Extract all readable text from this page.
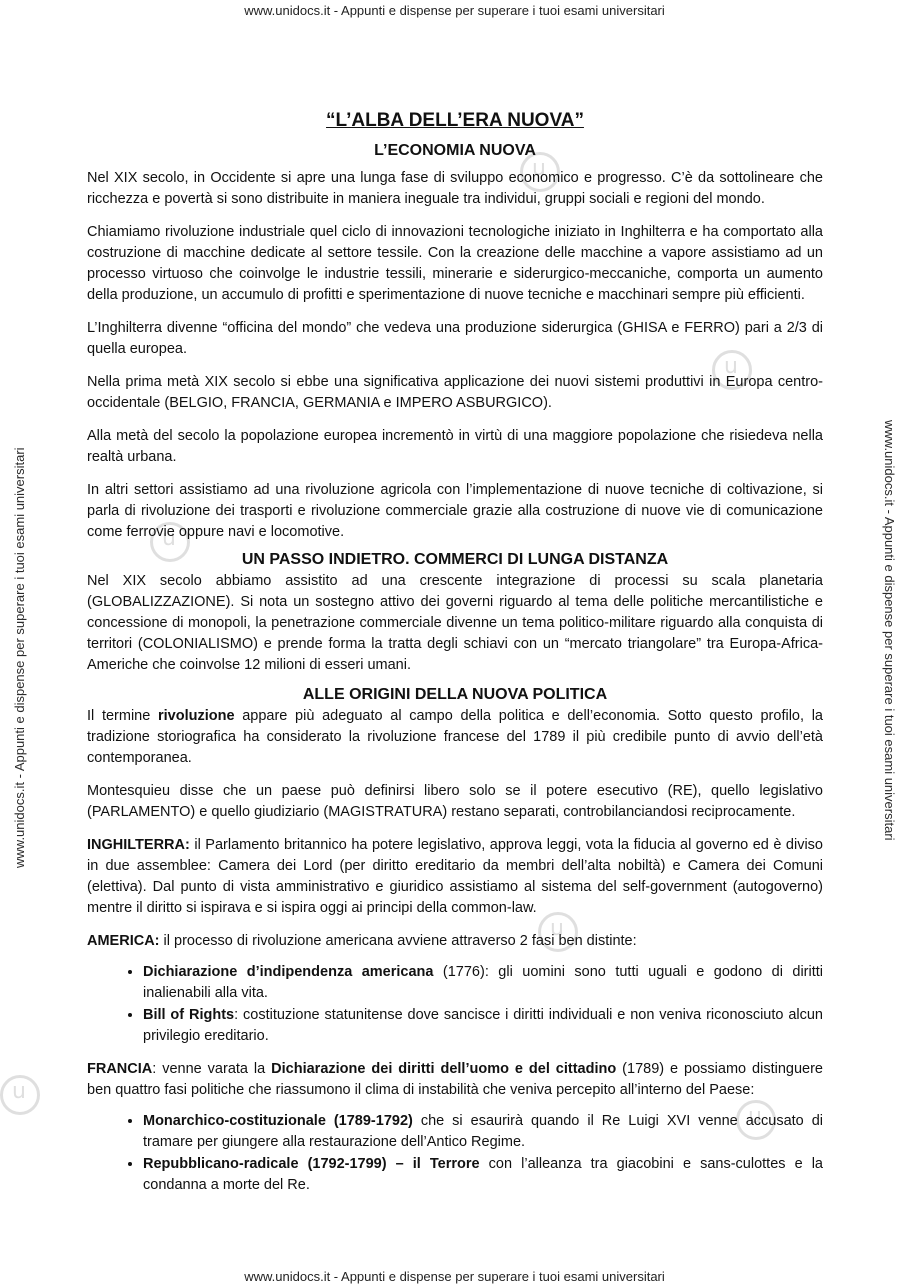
www.unidocs.it - Appunti e dispense per superare i tuoi esami universitari
www.unidocs.it - Appunti e dispense per superare i tuoi esami universitari
www.unidocs.it - Appunti e dispense per superare i tuoi esami universitari	www.unidocs.it - Appunti e dispense per superare i tuoi esami universitari
u
u
u
u
u
u
“L’ALBA DELL’ERA NUOVA”
L’ECONOMIA NUOVA

Nel XIX secolo, in Occidente si apre una lunga fase di sviluppo economico e progresso. C’è da sottolineare che ricchezza e povertà si sono distribuite in maniera ineguale tra individui, gruppi sociali e regioni del mondo.

Chiamiamo rivoluzione industriale quel ciclo di innovazioni tecnologiche iniziato in Inghilterra e ha comportato alla costruzione di macchine dedicate al settore tessile. Con la creazione delle macchine a vapore assistiamo ad un processo virtuoso che coinvolge le industrie tessili, minerarie e siderurgico-meccaniche, comporta un aumento della produzione, un accumulo di profitti e sperimentazione di nuove tecniche e macchinari sempre più efficienti.

L’Inghilterra divenne “officina del mondo” che vedeva una produzione siderurgica (GHISA e FERRO) pari a 2/3 di quella europea.

Nella prima metà XIX secolo si ebbe una significativa applicazione dei nuovi sistemi produttivi in Europa centro-occidentale (BELGIO, FRANCIA, GERMANIA e IMPERO ASBURGICO).

Alla metà del secolo la popolazione europea incrementò in virtù di una maggiore popolazione che risiedeva nella realtà urbana.

In altri settori assistiamo ad una rivoluzione agricola con l’implementazione di nuove tecniche di coltivazione, si parla di rivoluzione dei trasporti e rivoluzione commerciale grazie alla costruzione di nuove vie di comunicazione come ferrovie oppure navi e locomotive.

UN PASSO INDIETRO. COMMERCI DI LUNGA DISTANZA

Nel XIX secolo abbiamo assistito ad una crescente integrazione di processi su scala planetaria (GLOBALIZZAZIONE). Si nota un sostegno attivo dei governi riguardo al tema delle politiche mercantilistiche e concessione di monopoli, la penetrazione commerciale divenne un tema politico-militare riguardo alla conquista di territori (COLONIALISMO) e prende forma la tratta degli schiavi con un “mercato triangolare” tra Europa-Africa-Americhe che coinvolse 12 milioni di esseri umani.

ALLE ORIGINI DELLA NUOVA POLITICA

Il termine rivoluzione appare più adeguato al campo della politica e dell’economia. Sotto questo profilo, la tradizione storiografica ha considerato la rivoluzione francese del 1789 il più credibile punto di avvio dell’età contemporanea.

Montesquieu disse che un paese può definirsi libero solo se il potere esecutivo (RE), quello legislativo (PARLAMENTO) e quello giudiziario (MAGISTRATURA) restano separati, controbilanciandosi reciprocamente.

INGHILTERRA: il Parlamento britannico ha potere legislativo, approva leggi, vota la fiducia al governo ed è diviso in due assemblee: Camera dei Lord (per diritto ereditario da membri dell’alta nobiltà) e Camera dei Comuni (elettiva). Dal punto di vista amministrativo e giuridico assistiamo al sistema del self-government (autogoverno) mentre il diritto si ispirava e si ispira oggi ai principi della common-law.

AMERICA: il processo di rivoluzione americana avviene attraverso 2 fasi ben distinte:

• Dichiarazione d’indipendenza americana (1776): gli uomini sono tutti uguali e godono di diritti inalienabili alla vita.
• Bill of Rights: costituzione statunitense dove sancisce i diritti individuali e non veniva riconosciuto alcun privilegio ereditario.

FRANCIA: venne varata la Dichiarazione dei diritti dell’uomo e del cittadino (1789) e possiamo distinguere ben quattro fasi politiche che riassumono il clima di instabilità che veniva percepito all’interno del Paese:

• Monarchico-costituzionale (1789-1792) che si esaurirà quando il Re Luigi XVI venne accusato di tramare per giungere alla restaurazione dell’Antico Regime.
• Repubblicano-radicale (1792-1799) – il Terrore con l’alleanza tra giacobini e sans-culottes e la condanna a morte del Re.
